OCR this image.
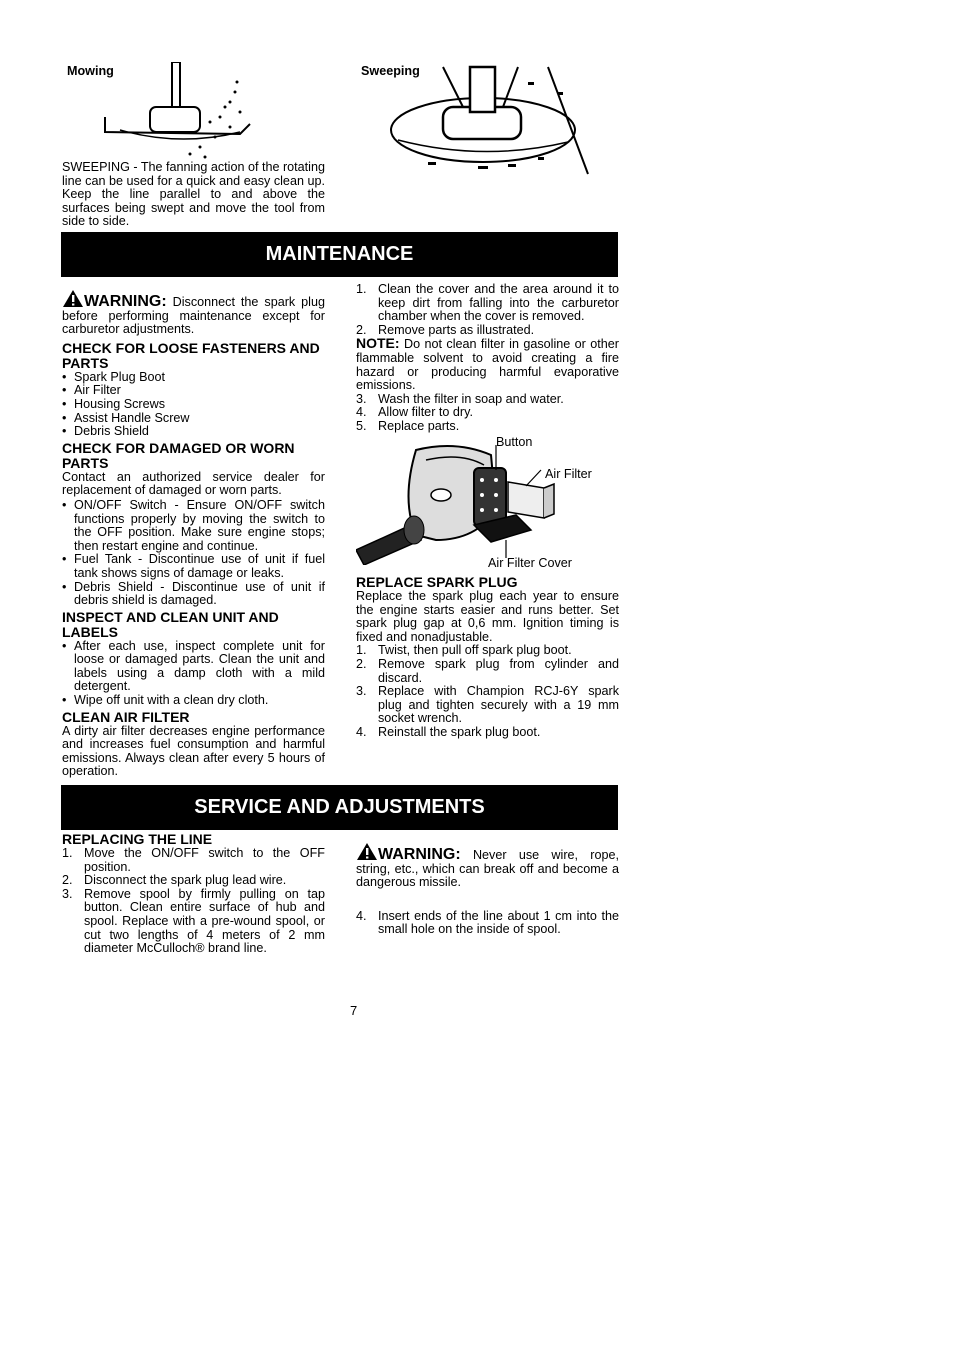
Mowing	Sweeping
SWEEPING - The fanning action of the rotating line can be used for a quick and easy clean up. Keep the line parallel to and above the surfaces being swept and move the tool from side to side.
MAINTENANCE
WARNING: Disconnect the spark plug before performing maintenance except for carburetor adjustments.
CHECK FOR LOOSE FASTENERS AND PARTS
• Spark Plug Boot
• Air Filter
• Housing Screws
• Assist Handle Screw
• Debris Shield
CHECK FOR DAMAGED OR WORN PARTS
Contact an authorized service dealer for replacement of damaged or worn parts.
• ON/OFF Switch - Ensure ON/OFF switch functions properly by moving the switch to the OFF position. Make sure engine stops; then restart engine and continue.
• Fuel Tank - Discontinue use of unit if fuel tank shows signs of damage or leaks.
• Debris Shield - Discontinue use of unit if debris shield is damaged.
INSPECT AND CLEAN UNIT AND LABELS
• After each use, inspect complete unit for loose or damaged parts. Clean the unit and labels using a damp cloth with a mild detergent.
• Wipe off unit with a clean dry cloth.
CLEAN AIR FILTER
A dirty air filter decreases engine performance and increases fuel consumption and harmful emissions. Always clean after every 5 hours of operation.
1. Clean the cover and the area around it to keep dirt from falling into the carburetor chamber when the cover is removed.
2. Remove parts as illustrated.
NOTE: Do not clean filter in gasoline or other flammable solvent to avoid creating a fire hazard or producing harmful evaporative emissions.
3. Wash the filter in soap and water.
4. Allow filter to dry.
5. Replace parts.
Button
Air Filter
Air Filter Cover
REPLACE SPARK PLUG
Replace the spark plug each year to ensure the engine starts easier and runs better. Set spark plug gap at 0,6 mm. Ignition timing is fixed and nonadjustable.
1. Twist, then pull off spark plug boot.
2. Remove spark plug from cylinder and discard.
3. Replace with Champion RCJ-6Y spark plug and tighten securely with a 19 mm socket wrench.
4. Reinstall the spark plug boot.
SERVICE AND ADJUSTMENTS
REPLACING THE LINE
1. Move the ON/OFF switch to the OFF position.
2. Disconnect the spark plug lead wire.
3. Remove spool by firmly pulling on tap button. Clean entire surface of hub and spool. Replace with a pre-wound spool, or cut two lengths of 4 meters of 2 mm diameter McCulloch® brand line.
WARNING: Never use wire, rope, string, etc., which can break off and become a dangerous missile.
4. Insert ends of the line about 1 cm into the small hole on the inside of spool.
7
